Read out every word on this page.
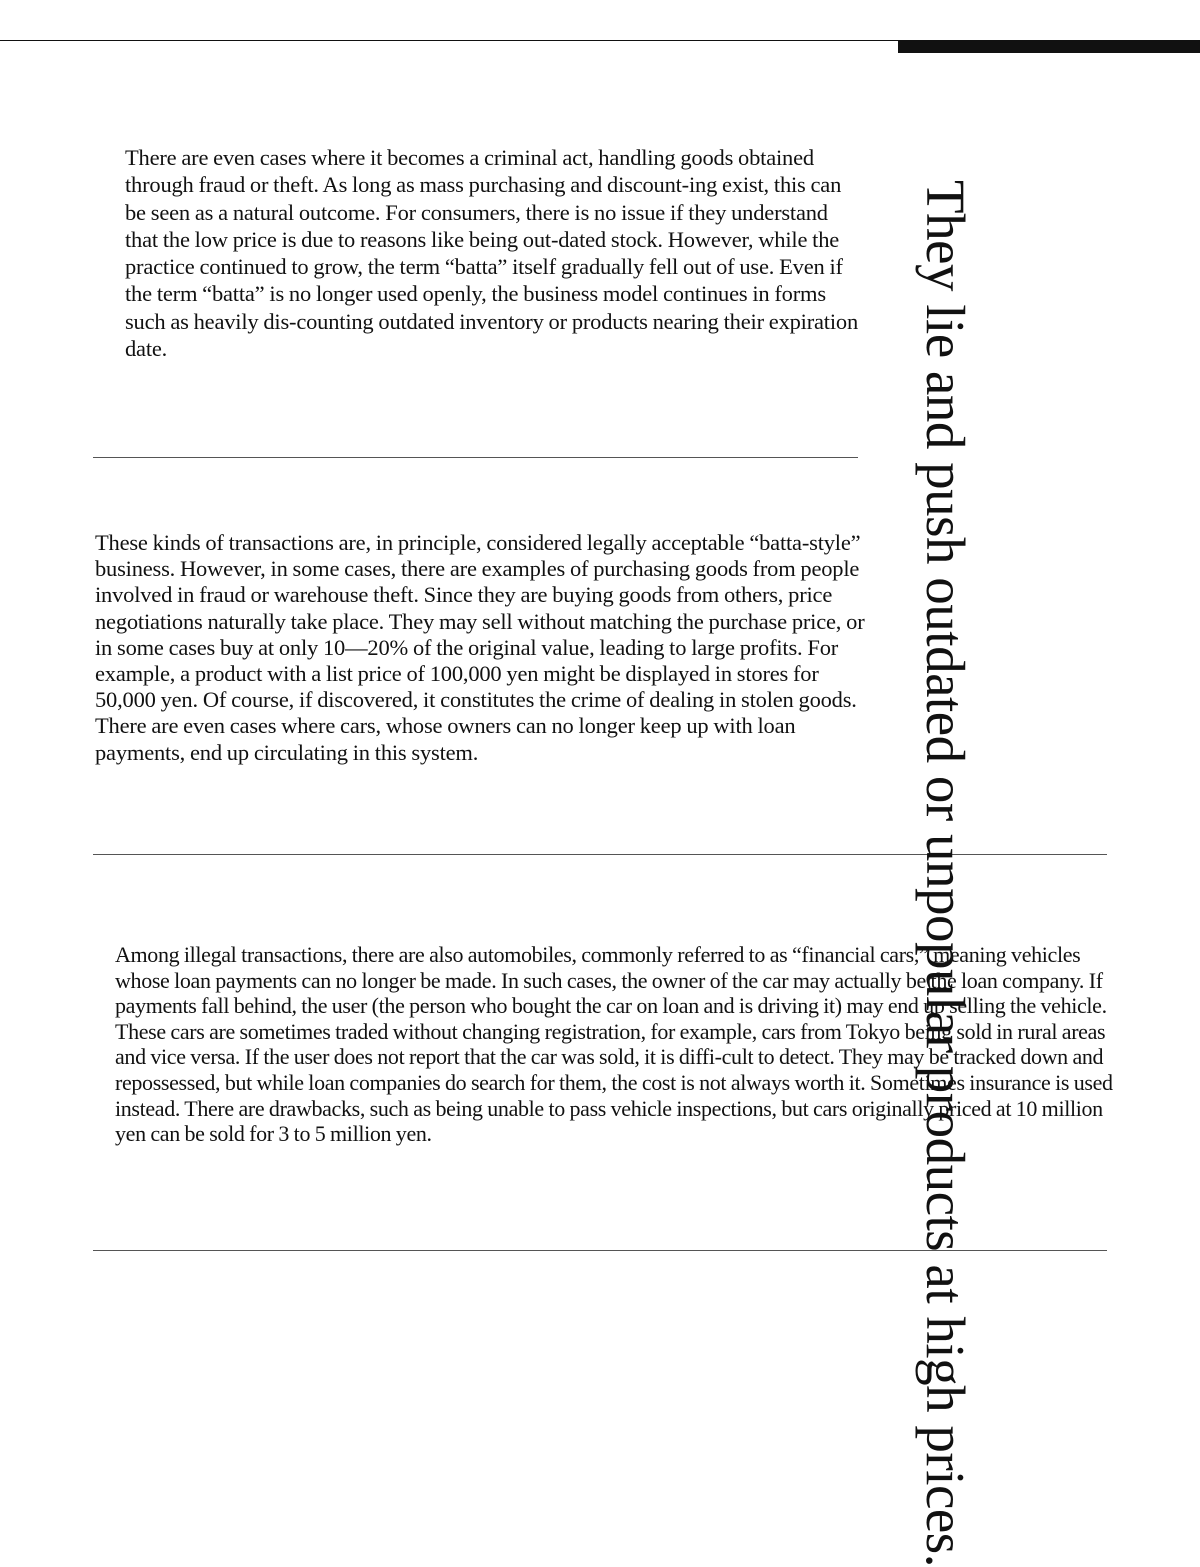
There are even cases where it becomes a criminal act, handling goods obtained through fraud or theft. As long as mass purchasing and discount-ing exist, this can be seen as a natural outcome. For consumers, there is no issue if they understand that the low price is due to reasons like being out-dated stock. However, while the practice continued to grow, the term “batta” itself gradually fell out of use. Even if the term “batta” is no longer used openly, the business model continues in forms such as heavily dis-counting outdated inventory or products nearing their expiration date.

These kinds of transactions are, in principle, considered legally acceptable “batta-style” business. However, in some cases, there are examples of purchasing goods from people involved in fraud or warehouse theft. Since they are buying goods from others, price negotiations naturally take place. They may sell without matching the purchase price, or in some cases buy at only 10—20% of the original value, leading to large profits. For example, a product with a list price of 100,000 yen might be displayed in stores for 50,000 yen. Of course, if discovered, it constitutes the crime of dealing in stolen goods. There are even cases where cars, whose owners can no longer keep up with loan payments, end up circulating in this system.

Among illegal transactions, there are also automobiles, commonly referred to as “financial cars,” meaning vehicles whose loan payments can no longer be made. In such cases, the owner of the car may actually be the loan company. If payments fall behind, the user (the person who bought the car on loan and is driving it) may end up selling the vehicle. These cars are sometimes traded without changing registration, for example, cars from Tokyo being sold in rural areas and vice versa. If the user does not report that the car was sold, it is diffi-cult to detect. They may be tracked down and repossessed, but while loan companies do search for them, the cost is not always worth it. Sometimes insurance is used instead. There are drawbacks, such as being unable to pass vehicle inspections, but cars originally priced at 10 million yen can be sold for 3 to 5 million yen.	They lie and push outdated or unpopular products at high prices.
